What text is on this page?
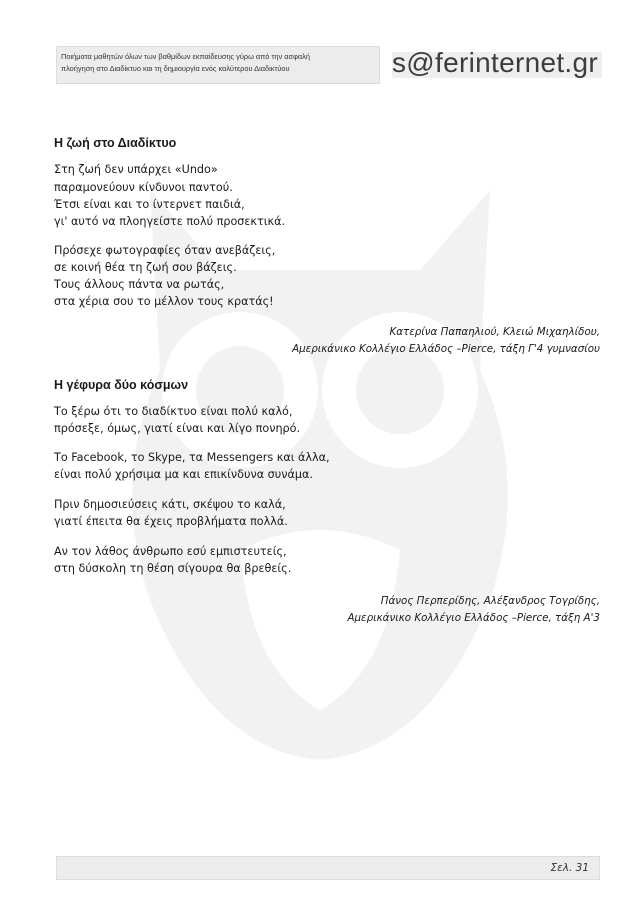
Ποιήματα μαθητών όλων των βαθμίδων εκπαίδευσης γύρω από την ασφαλή
πλοήγηση στο Διαδίκτυο και τη δημιουργία ενός καλύτερου Διαδικτύου	s@ferinternet.gr
Η ζωή στο Διαδίκτυο
Στη ζωή δεν υπάρχει «Undo»
παραμονεύουν κίνδυνοι παντού.
Έτσι είναι και το ίντερνετ παιδιά,
γι' αυτό να πλοηγείστε πολύ προσεκτικά.
Πρόσεχε φωτογραφίες όταν ανεβάζεις,
σε κοινή θέα τη ζωή σου βάζεις.
Τους άλλους πάντα να ρωτάς,
στα χέρια σου το μέλλον τους κρατάς!
Κατερίνα Παπαηλιού, Κλειώ Μιχαηλίδου,
Αμερικάνικο Κολλέγιο Ελλάδος –Pierce, τάξη Γ'4 γυμνασίου
Η γέφυρα δύο κόσμων
Το ξέρω ότι το διαδίκτυο είναι πολύ καλό,
πρόσεξε, όμως, γιατί είναι και λίγο πονηρό.
Το Facebook, το Skype, τα Messengers και άλλα,
είναι πολύ χρήσιμα μα και επικίνδυνα συνάμα.
Πριν δημοσιεύσεις κάτι, σκέψου το καλά,
γιατί έπειτα θα έχεις προβλήματα πολλά.
Αν τον λάθος άνθρωπο εσύ εμπιστευτείς,
στη δύσκολη τη θέση σίγουρα θα βρεθείς.
Πάνος Περπερίδης, Αλέξανδρος Τογρίδης,
Αμερικάνικο Κολλέγιο Ελλάδος –Pierce, τάξη Α'3
Σελ. 31
